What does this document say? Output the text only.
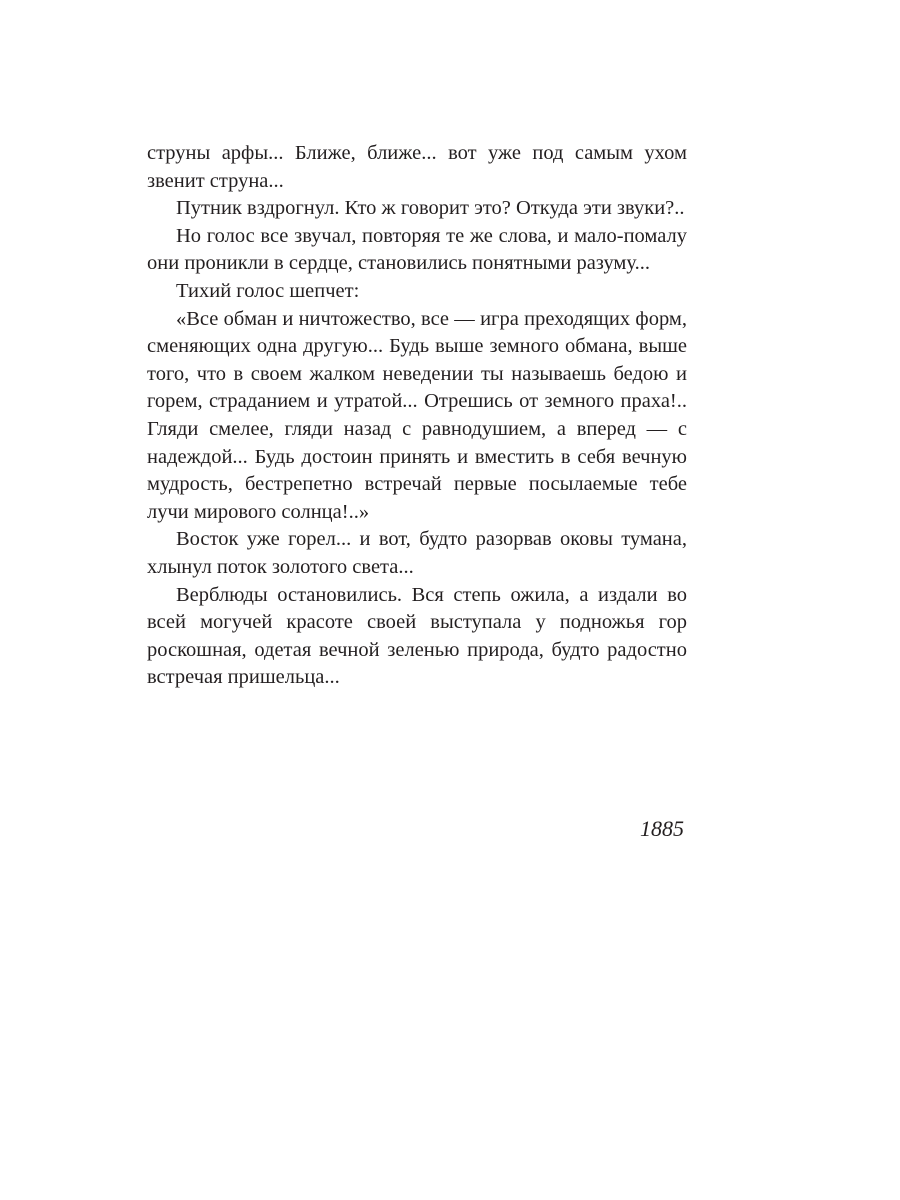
струны арфы... Ближе, ближе... вот уже под самым ухом звенит струна...

Путник вздрогнул. Кто ж говорит это? Откуда эти звуки?..

Но голос все звучал, повторяя те же слова, и мало-помалу они проникли в сердце, становились понятными разуму...

Тихий голос шепчет:

«Все обман и ничтожество, все — игра преходящих форм, сменяющих одна другую... Будь выше земного обмана, выше того, что в своем жалком неведении ты называешь бедою и горем, страданием и утратой... Отрешись от земного праха!.. Гляди смелее, гляди назад с равнодушием, а вперед — с надеждой... Будь достоин принять и вместить в себя вечную мудрость, бестрепетно встречай первые посылаемые тебе лучи мирового солнца!..»

Восток уже горел... и вот, будто разорвав оковы тумана, хлынул поток золотого света...

Верблюды остановились. Вся степь ожила, а издали во всей могучей красоте своей выступала у подножья гор роскошная, одетая вечной зеленью природа, будто радостно встречая пришельца...

1885
